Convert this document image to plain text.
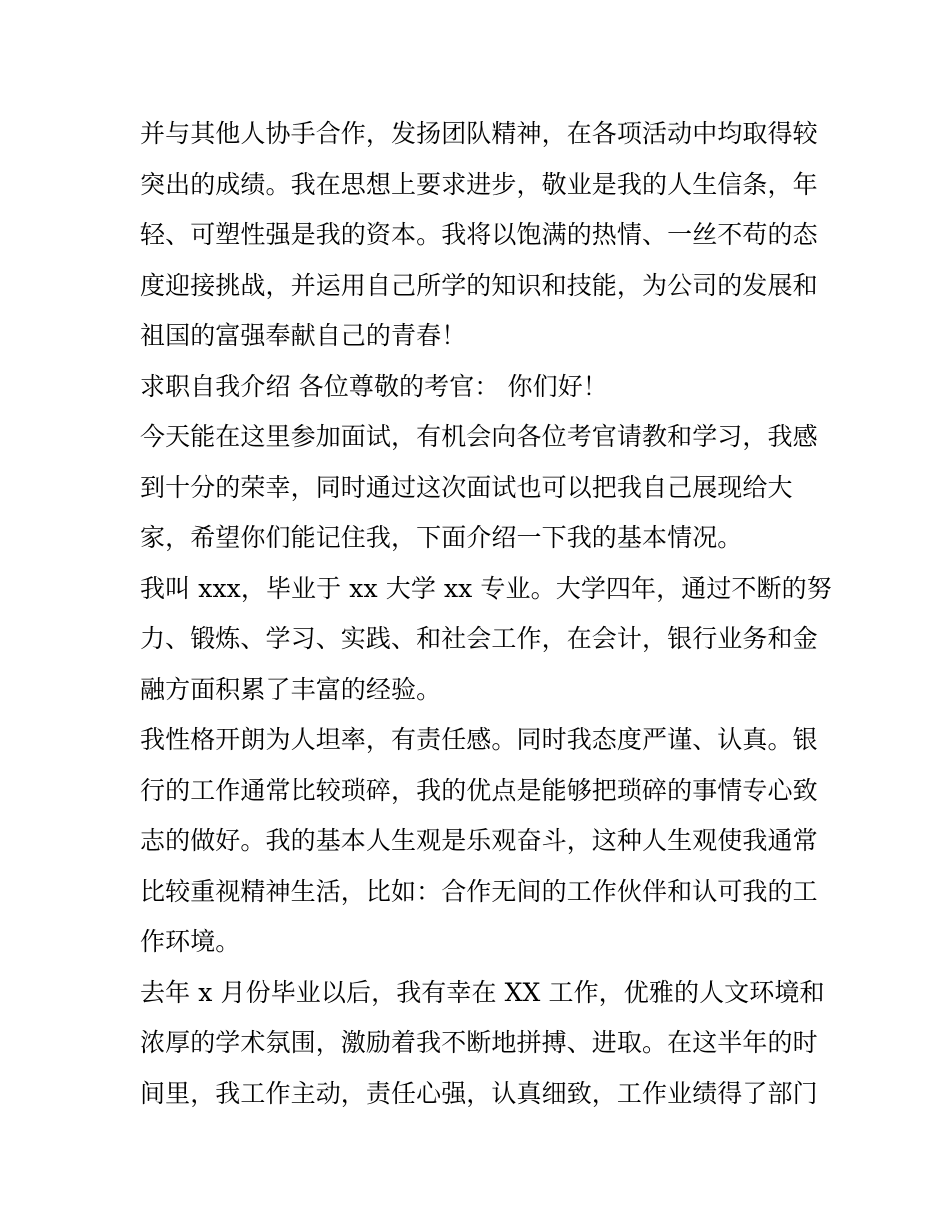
并与其他人协手合作，发扬团队精神，在各项活动中均取得较
突出的成绩。我在思想上要求进步，敬业是我的人生信条，年
轻、可塑性强是我的资本。我将以饱满的热情、一丝不苟的态
度迎接挑战，并运用自己所学的知识和技能，为公司的发展和
祖国的富强奉献自己的青春！
求职自我介绍 各位尊敬的考官： 你们好！
今天能在这里参加面试，有机会向各位考官请教和学习，我感
到十分的荣幸，同时通过这次面试也可以把我自己展现给大
家，希望你们能记住我，下面介绍一下我的基本情况。
我叫 xxx，毕业于 xx 大学 xx 专业。大学四年，通过不断的努
力、锻炼、学习、实践、和社会工作，在会计，银行业务和金
融方面积累了丰富的经验。
我性格开朗为人坦率，有责任感。同时我态度严谨、认真。银
行的工作通常比较琐碎，我的优点是能够把琐碎的事情专心致
志的做好。我的基本人生观是乐观奋斗，这种人生观使我通常
比较重视精神生活，比如：合作无间的工作伙伴和认可我的工
作环境。
去年 x 月份毕业以后，我有幸在 XX 工作，优雅的人文环境和
浓厚的学术氛围，激励着我不断地拼搏、进取。在这半年的时
间里，我工作主动，责任心强，认真细致，工作业绩得了部门
